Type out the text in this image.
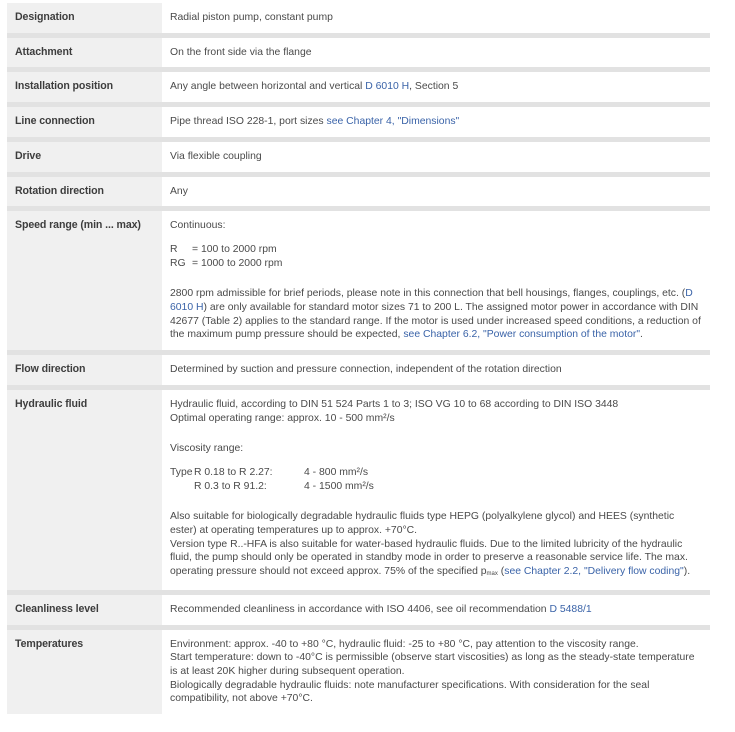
Designation	Radial piston pump, constant pump
Attachment	On the front side via the flange
Installation position	Any angle between horizontal and vertical D 6010 H, Section 5
Line connection	Pipe thread ISO 228-1, port sizes see Chapter 4, "Dimensions"
Drive	Via flexible coupling
Rotation direction	Any
Speed range (min ... max)	Continuous:

R	= 100 to 2000 rpm
RG = 1000 to 2000 rpm

2800 rpm admissible for brief periods, please note in this connection that bell housings, flanges, couplings, etc. (D 6010 H) are only available for standard motor sizes 71 to 200 L. The assigned motor power in accordance with DIN 42677 (Table 2) applies to the standard range. If the motor is used under increased speed conditions, a reduction of the maximum pump pressure should be expected, see Chapter 6.2, "Power consumption of the motor".

Flow direction	Determined by suction and pressure connection, independent of the rotation direction
Hydraulic fluid	Hydraulic fluid, according to DIN 51 524 Parts 1 to 3; ISO VG 10 to 68 according to DIN ISO 3448

Optimal operating range: approx. 10 - 500 mm²/s

Viscosity range:

Type R 0.18 to R 2.27:	4 - 800 mm²/s
R 0.3 to R 91.2:	4 - 1500 mm²/s

Also suitable for biologically degradable hydraulic fluids type HEPG (polyalkylene glycol) and HEES (synthetic ester) at operating temperatures up to approx. +70°C.

Version type R..-HFA is also suitable for water-based hydraulic fluids. Due to the limited lubricity of the hydraulic fluid, the pump should only be operated in standby mode in order to preserve a reasonable service life. The max. operating pressure should not exceed approx. 75% of the specified $p_{max}$ (see Chapter 2.2, "Delivery flow coding").

Cleanliness level	Recommended cleanliness in accordance with ISO 4406, see oil recommendation D 5488/1
Temperatures	Environment: approx. -40 to +80 °C, hydraulic fluid: -25 to +80 °C, pay attention to the viscosity range.

Start temperature: down to -40°C is permissible (observe start viscosities) as long as the steady-state temperature is at least 20K higher during subsequent operation.

Biologically degradable hydraulic fluids: note manufacturer specifications. With consideration for the seal compatibility, not above +70°C.
